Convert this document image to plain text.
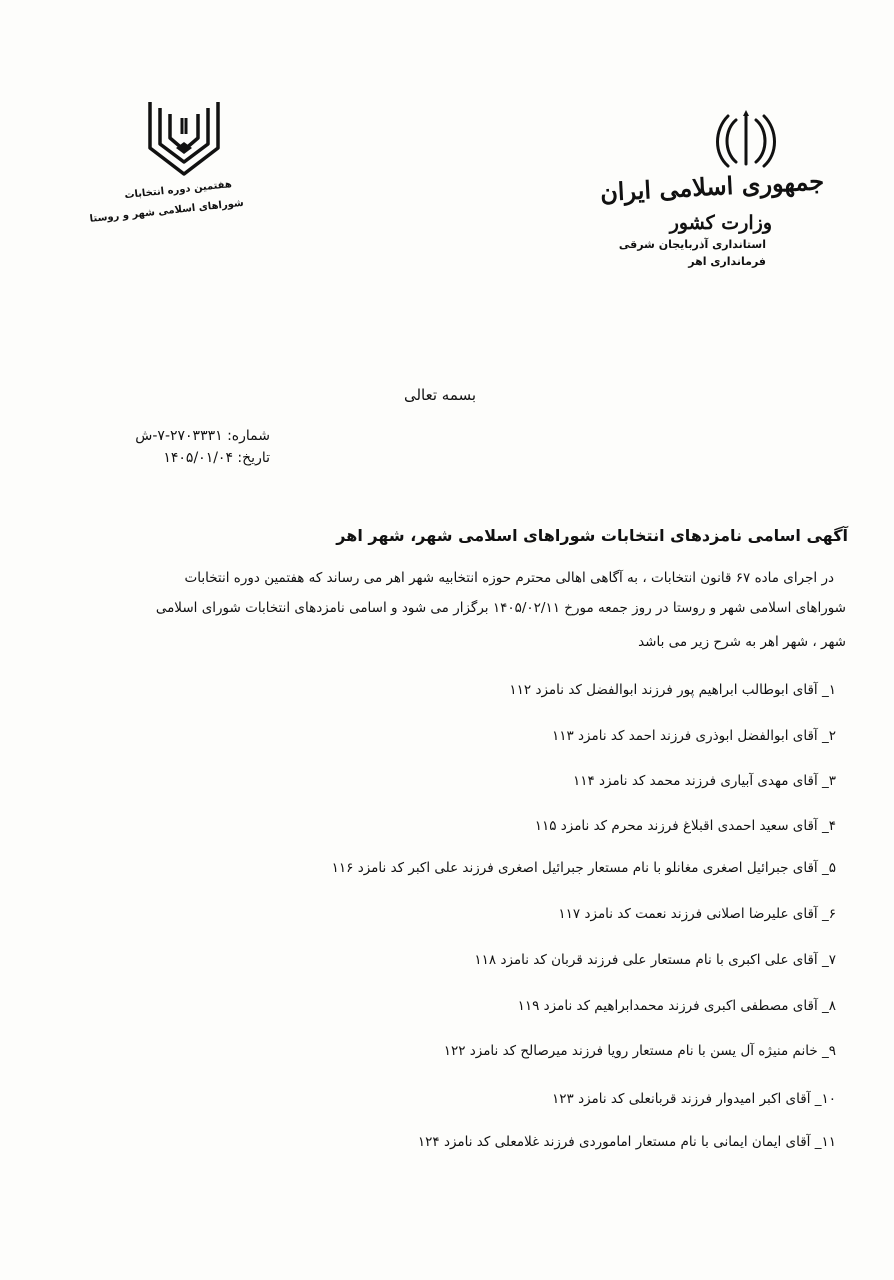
جمهوری اسلامی ایران
وزارت کشور
استانداری آذربایجان شرقی
فرمانداری اهر
هفتمین دوره انتخابات
شوراهای اسلامی شهر و روستا
بسمه تعالی
شماره: ۲۷۰۳۳۳۱-۷-ش
تاریخ: ۱۴۰۵/۰۱/۰۴
آگهی اسامی نامزدهای انتخابات شوراهای اسلامی شهر، شهر اهر
در اجرای ماده ۶۷ قانون انتخابات ، به آگاهی اهالی محترم حوزه انتخابیه شهر اهر می رساند که هفتمین دوره انتخابات
شوراهای اسلامی شهر و روستا در روز جمعه مورخ ۱۴۰۵/۰۲/۱۱ برگزار می شود و اسامی نامزدهای انتخابات شورای اسلامی
شهر ، شهر اهر به شرح زیر می باشد
۱_ آقای ابوطالب ابراهیم پور فرزند ابوالفضل کد نامزد ۱۱۲
۲_ آقای ابوالفضل ابوذری فرزند احمد کد نامزد ۱۱۳
۳_ آقای مهدی آبیاری فرزند محمد کد نامزد ۱۱۴
۴_ آقای سعید احمدی اقبلاغ فرزند محرم کد نامزد ۱۱۵
۵_ آقای جبرائیل اصغری مغانلو با نام مستعار جبرائیل اصغری فرزند علی اکبر کد نامزد ۱۱۶
۶_ آقای علیرضا اصلانی فرزند نعمت کد نامزد ۱۱۷
۷_ آقای علی اکبری با نام مستعار علی فرزند قربان کد نامزد ۱۱۸
۸_ آقای مصطفی اکبری فرزند محمدابراهیم کد نامزد ۱۱۹
۹_ خانم منیژه آل یسن با نام مستعار رویا فرزند میرصالح کد نامزد ۱۲۲
۱۰_ آقای اکبر امیدوار فرزند قربانعلی کد نامزد ۱۲۳
۱۱_ آقای ایمان ایمانی با نام مستعار اماموردی فرزند غلامعلی کد نامزد ۱۲۴
